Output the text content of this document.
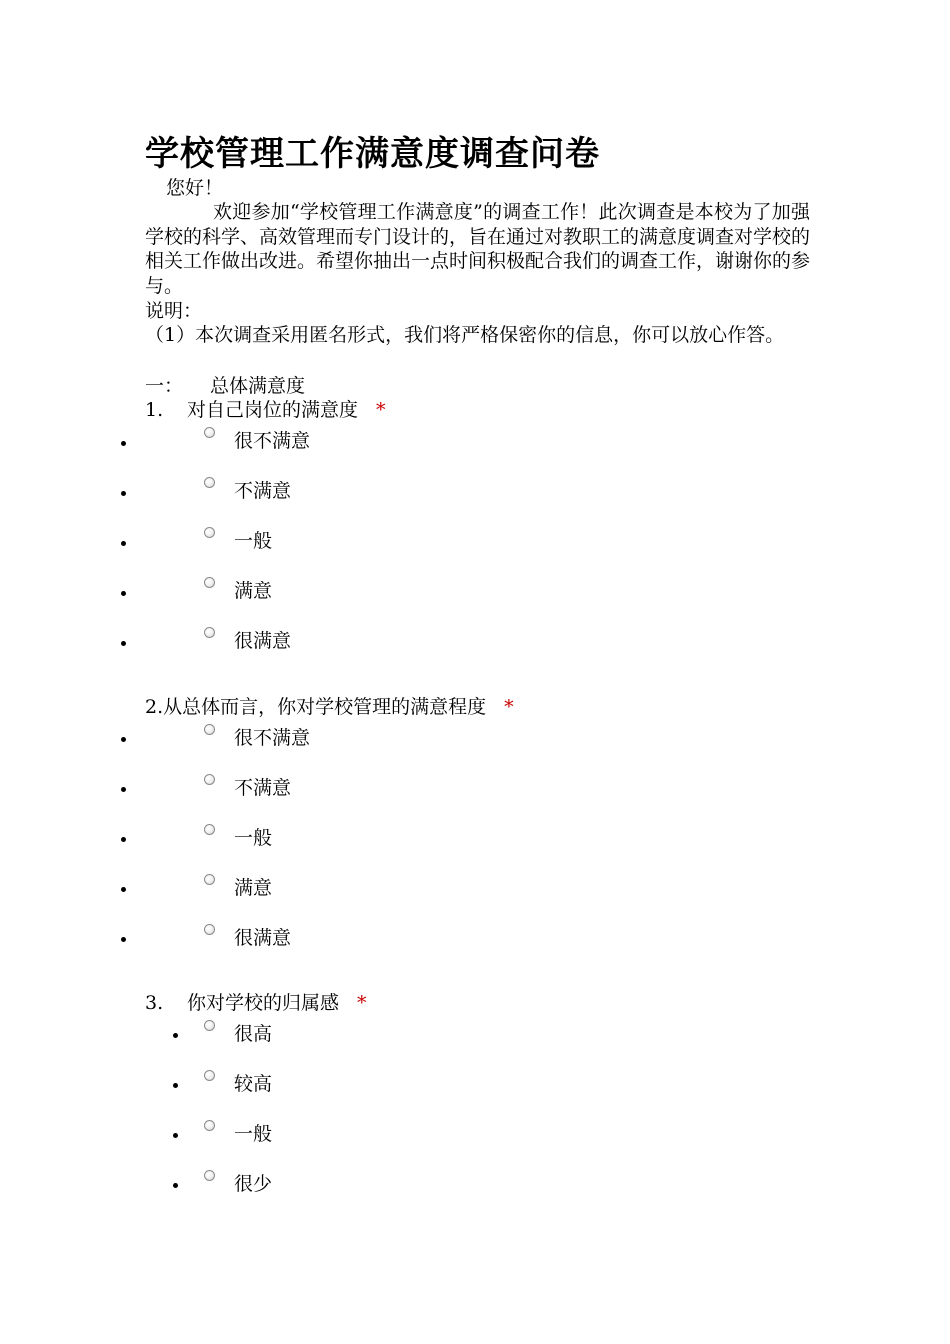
学校管理工作满意度调查问卷
您好！
欢迎参加“学校管理工作满意度”的调查工作！此次调查是本校为了加强学校的科学、高效管理而专门设计的，旨在通过对教职工的满意度调查对学校的相关工作做出改进。希望你抽出一点时间积极配合我们的调查工作，谢谢你的参与。
说明：
（1）本次调查采用匿名形式，我们将严格保密你的信息，你可以放心作答。
一： 总体满意度
1. 对自己岗位的满意度 *
很不满意
不满意
一般
满意
很满意
2.从总体而言，你对学校管理的满意程度 *
很不满意
不满意
一般
满意
很满意
3. 你对学校的归属感 *
很高
较高
一般
很少
